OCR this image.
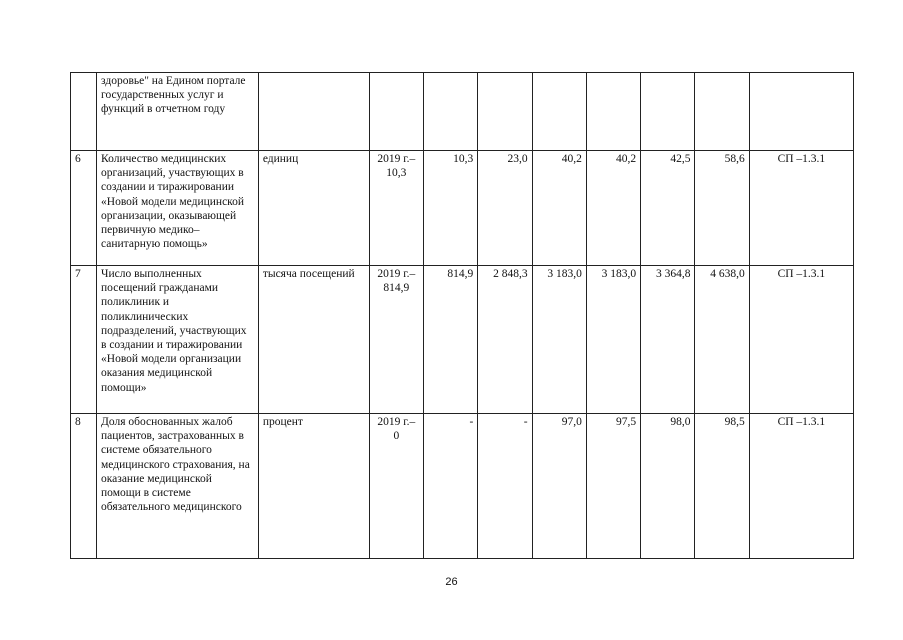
	здоровье" на Едином портале государственных услуг и функций в отчетном году									
6	Количество медицинских организаций, участвующих в создании и тиражировании «Новой модели медицинской организации, оказывающей первичную медико–санитарную помощь»	единиц	2019 г.– 10,3	10,3	23,0	40,2	40,2	42,5	58,6	СП –1.3.1
7	Число выполненных посещений гражданами поликлиник и поликлинических подразделений, участвующих в создании и тиражировании «Новой модели организации оказания медицинской помощи»	тысяча посещений	2019 г.– 814,9	814,9	2 848,3	3 183,0	3 183,0	3 364,8	4 638,0	СП –1.3.1
8	Доля обоснованных жалоб пациентов, застрахованных в системе обязательного медицинского страхования, на оказание медицинской помощи в системе обязательного медицинского	процент	2019 г.– 0	-	-	97,0	97,5	98,0	98,5	СП –1.3.1
26
